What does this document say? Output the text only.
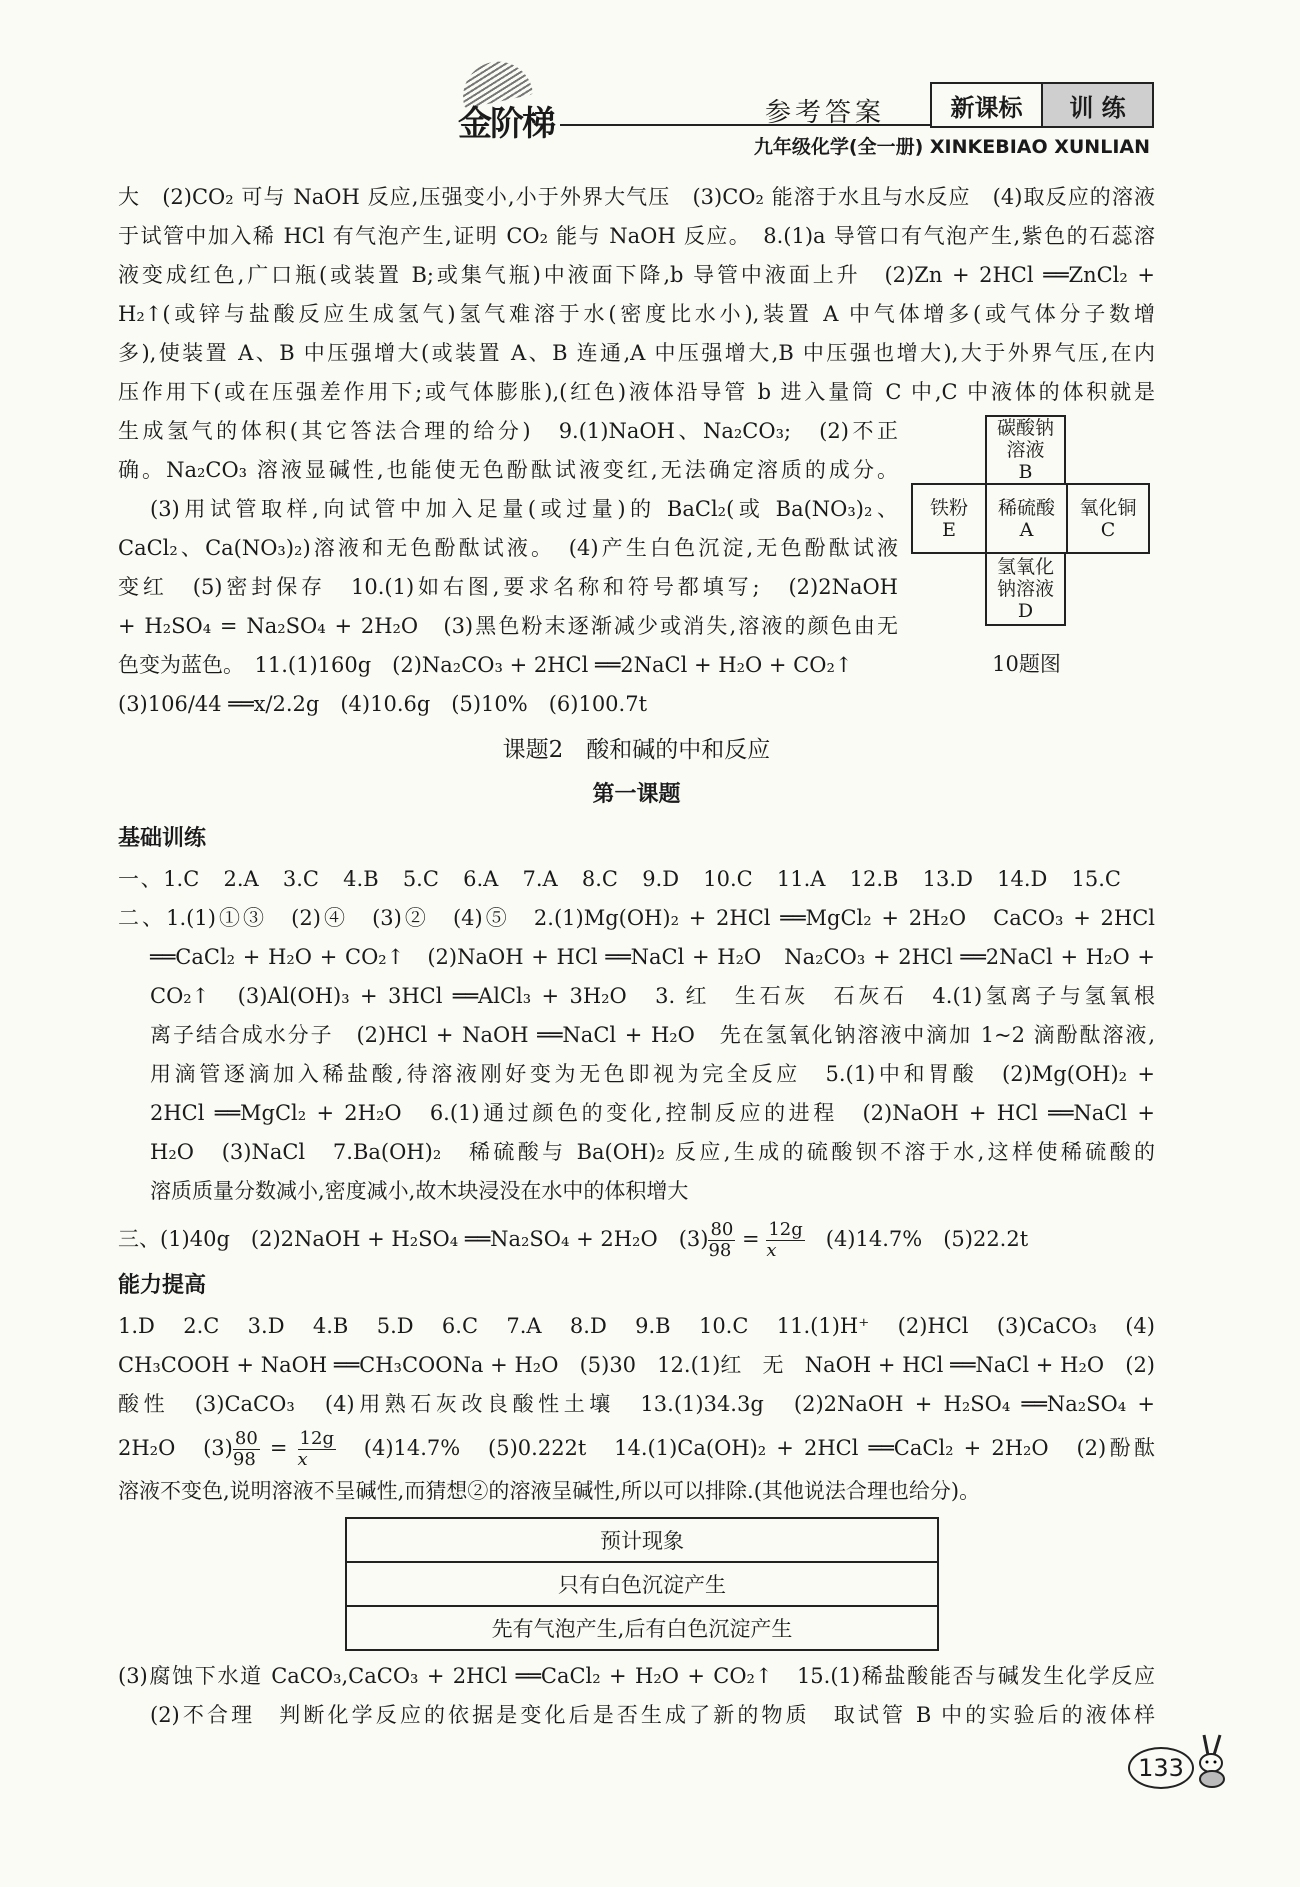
金阶梯	参考答案	新课标	训 练
九年级化学(全一册) XINKEBIAO XUNLIAN
碳酸钠
溶液
B
铁粉
E
稀硫酸
A
氧化铜
C
氢氧化
钠溶液
D
10题图
大　(2)CO₂ 可与 NaOH 反应,压强变小,小于外界大气压　(3)CO₂ 能溶于水且与水反应　(4)取反应的溶液
于试管中加入稀 HCl 有气泡产生,证明 CO₂ 能与 NaOH 反应。　8.(1)a 导管口有气泡产生,紫色的石蕊溶
液变成红色,广口瓶(或装置 B;或集气瓶)中液面下降,b 导管中液面上升　(2)Zn + 2HCl ══ZnCl₂ +
H₂↑(或锌与盐酸反应生成氢气)氢气难溶于水(密度比水小),装置 A 中气体增多(或气体分子数增
多),使装置 A、B 中压强增大(或装置 A、B 连通,A 中压强增大,B 中压强也增大),大于外界气压,在内
压作用下(或在压强差作用下;或气体膨胀),(红色)液体沿导管 b 进入量筒 C 中,C 中液体的体积就是
生成氢气的体积(其它答法合理的给分)　9.(1)NaOH、Na₂CO₃;　(2)不正
确。Na₂CO₃ 溶液显碱性,也能使无色酚酞试液变红,无法确定溶质的成分。
(3)用试管取样,向试管中加入足量(或过量)的 BaCl₂(或 Ba(NO₃)₂、
CaCl₂、Ca(NO₃)₂)溶液和无色酚酞试液。　(4)产生白色沉淀,无色酚酞试液
变红　(5)密封保存　10.(1)如右图,要求名称和符号都填写;　(2)2NaOH
+ H₂SO₄ = Na₂SO₄ + 2H₂O　(3)黑色粉末逐渐减少或消失,溶液的颜色由无
色变为蓝色。　11.(1)160g　(2)Na₂CO₃ + 2HCl ══2NaCl + H₂O + CO₂↑
(3)106/44 ══x/2.2g　(4)10.6g　(5)10%　(6)100.7t
课题2　酸和碱的中和反应
第一课题
基础训练
一、1.C　2.A　3.C　4.B　5.C　6.A　7.A　8.C　9.D　10.C　11.A　12.B　13.D　14.D　15.C
二、1.(1)①③　(2)④　(3)②　(4)⑤　2.(1)Mg(OH)₂ + 2HCl ══MgCl₂ + 2H₂O　CaCO₃ + 2HCl
══CaCl₂ + H₂O + CO₂↑　(2)NaOH + HCl ══NaCl + H₂O　Na₂CO₃ + 2HCl ══2NaCl + H₂O +
CO₂↑　(3)Al(OH)₃ + 3HCl ══AlCl₃ + 3H₂O　3. 红　生石灰　石灰石　4.(1)氢离子与氢氧根
离子结合成水分子　(2)HCl + NaOH ══NaCl + H₂O　先在氢氧化钠溶液中滴加 1~2 滴酚酞溶液,
用滴管逐滴加入稀盐酸,待溶液刚好变为无色即视为完全反应　5.(1)中和胃酸　(2)Mg(OH)₂ +
2HCl ══MgCl₂ + 2H₂O　6.(1)通过颜色的变化,控制反应的进程　(2)NaOH + HCl ══NaCl +
H₂O　(3)NaCl　7.Ba(OH)₂　稀硫酸与 Ba(OH)₂ 反应,生成的硫酸钡不溶于水,这样使稀硫酸的
溶质质量分数减小,密度减小,故木块浸没在水中的体积增大
三、(1)40g　(2)2NaOH + H₂SO₄ ══Na₂SO₄ + 2H₂O　$(3) \frac{80}{98} = \frac{12g}{x}$ 　(4)14.7%　(5)22.2t
能力提高
1.D　2.C　3.D　4.B　5.D　6.C　7.A　8.D　9.B　10.C　11.(1)H⁺　(2)HCl　(3)CaCO₃　(4)
CH₃COOH + NaOH ══CH₃COONa + H₂O　(5)30　12.(1)红　无　NaOH + HCl ══NaCl + H₂O　(2)
酸性　(3)CaCO₃　(4)用熟石灰改良酸性土壤　13.(1)34.3g　(2)2NaOH + H₂SO₄ ══Na₂SO₄ +
2H₂O　$(3) \frac{80}{98} = \frac{12g}{x}$ 　(4)14.7%　(5)0.222t　14.(1)Ca(OH)₂ + 2HCl ══CaCl₂ + 2H₂O　(2)酚酞
溶液不变色,说明溶液不呈碱性,而猜想②的溶液呈碱性,所以可以排除.(其他说法合理也给分)。
预计现象
只有白色沉淀产生
先有气泡产生,后有白色沉淀产生
(3)腐蚀下水道 CaCO₃,CaCO₃ + 2HCl ══CaCl₂ + H₂O + CO₂↑　15.(1)稀盐酸能否与碱发生化学反应
(2)不合理　判断化学反应的依据是变化后是否生成了新的物质　取试管 B 中的实验后的液体样
133
